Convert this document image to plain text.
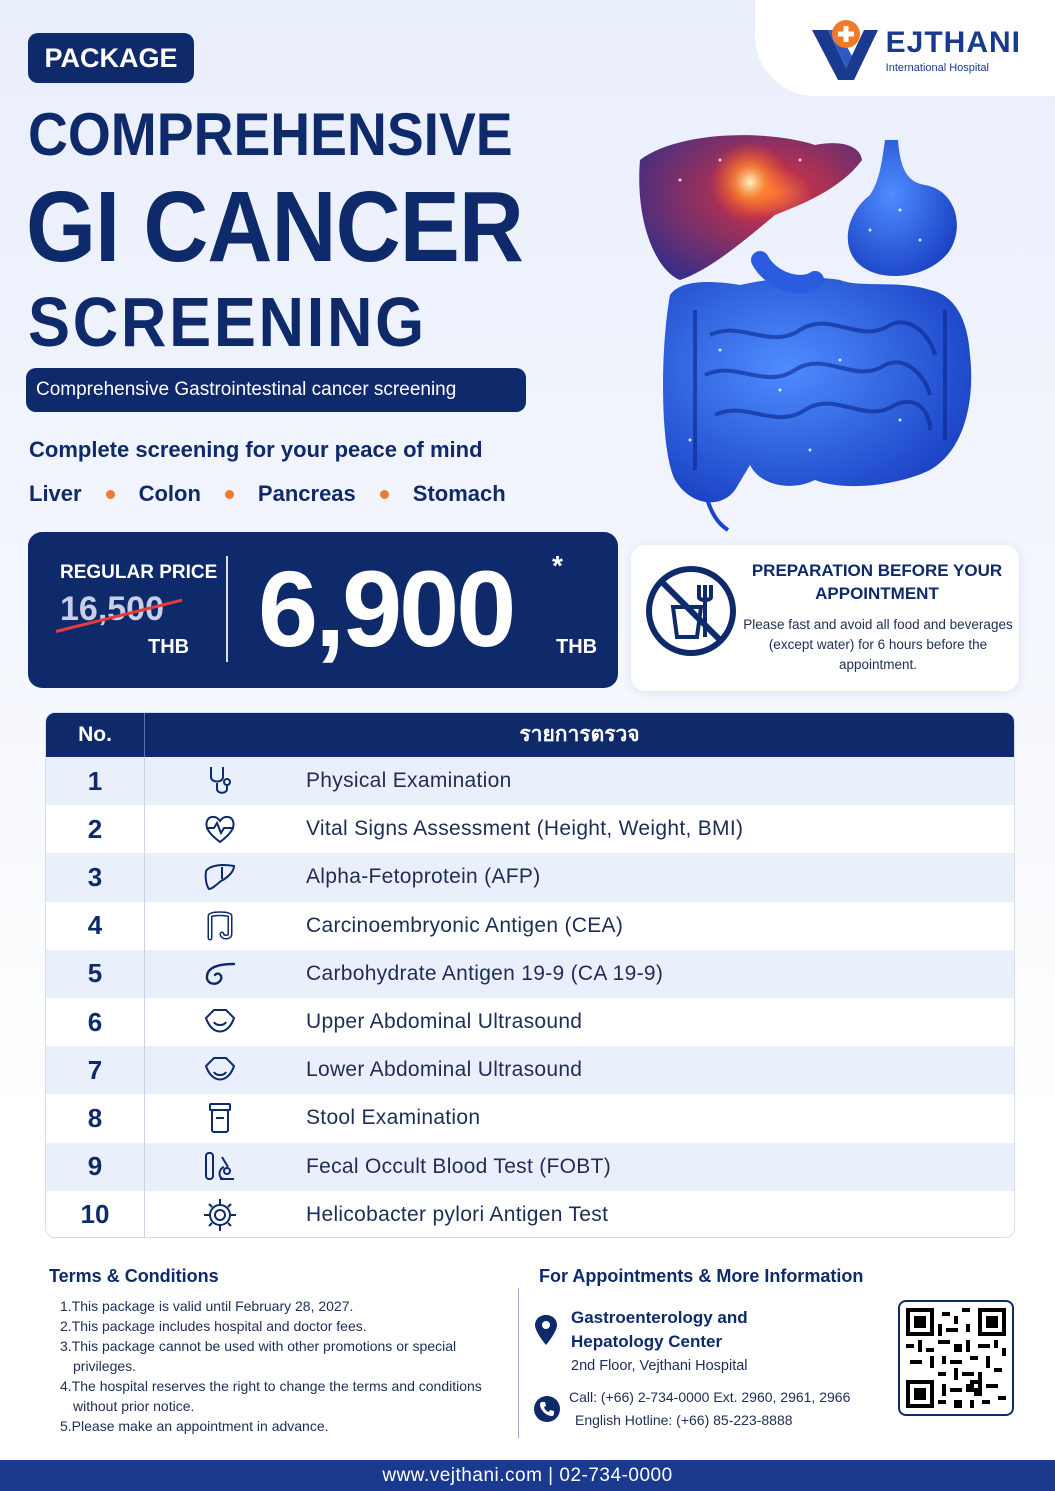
EJTHANI
International Hospital
PACKAGE
COMPREHENSIVE
GI CANCER
SCREENING
Comprehensive Gastrointestinal cancer screening
Complete screening for your peace of mind
Liver	Colon	Pancreas	Stomach
REGULAR PRICE
16,500
THB 6,900 *
THB
PREPARATION BEFORE YOUR APPOINTMENT
Please fast and avoid all food and beverages (except water) for 6 hours before the appointment.
No.	รายการตรวจ
1	Physical Examination
2	Vital Signs Assessment (Height, Weight, BMI)
3	Alpha-Fetoprotein (AFP)
4	Carcinoembryonic Antigen (CEA)
5	Carbohydrate Antigen 19-9 (CA 19-9)
6	Upper Abdominal Ultrasound
7	Lower Abdominal Ultrasound
8	Stool Examination
9	Fecal Occult Blood Test (FOBT)
10	Helicobacter pylori Antigen Test
Terms & Conditions
1.This package is valid until February 28, 2027.
2.This package includes hospital and doctor fees.
3.This package cannot be used with other promotions or special privileges.
4.The hospital reserves the right to change the terms and conditions without prior notice.
5.Please make an appointment in advance.
For Appointments & More Information
Gastroenterology and Hepatology Center
2nd Floor, Vejthani Hospital
Call: (+66) 2-734-0000 Ext. 2960, 2961, 2966
English Hotline: (+66) 85-223-8888
www.vejthani.com | 02-734-0000
